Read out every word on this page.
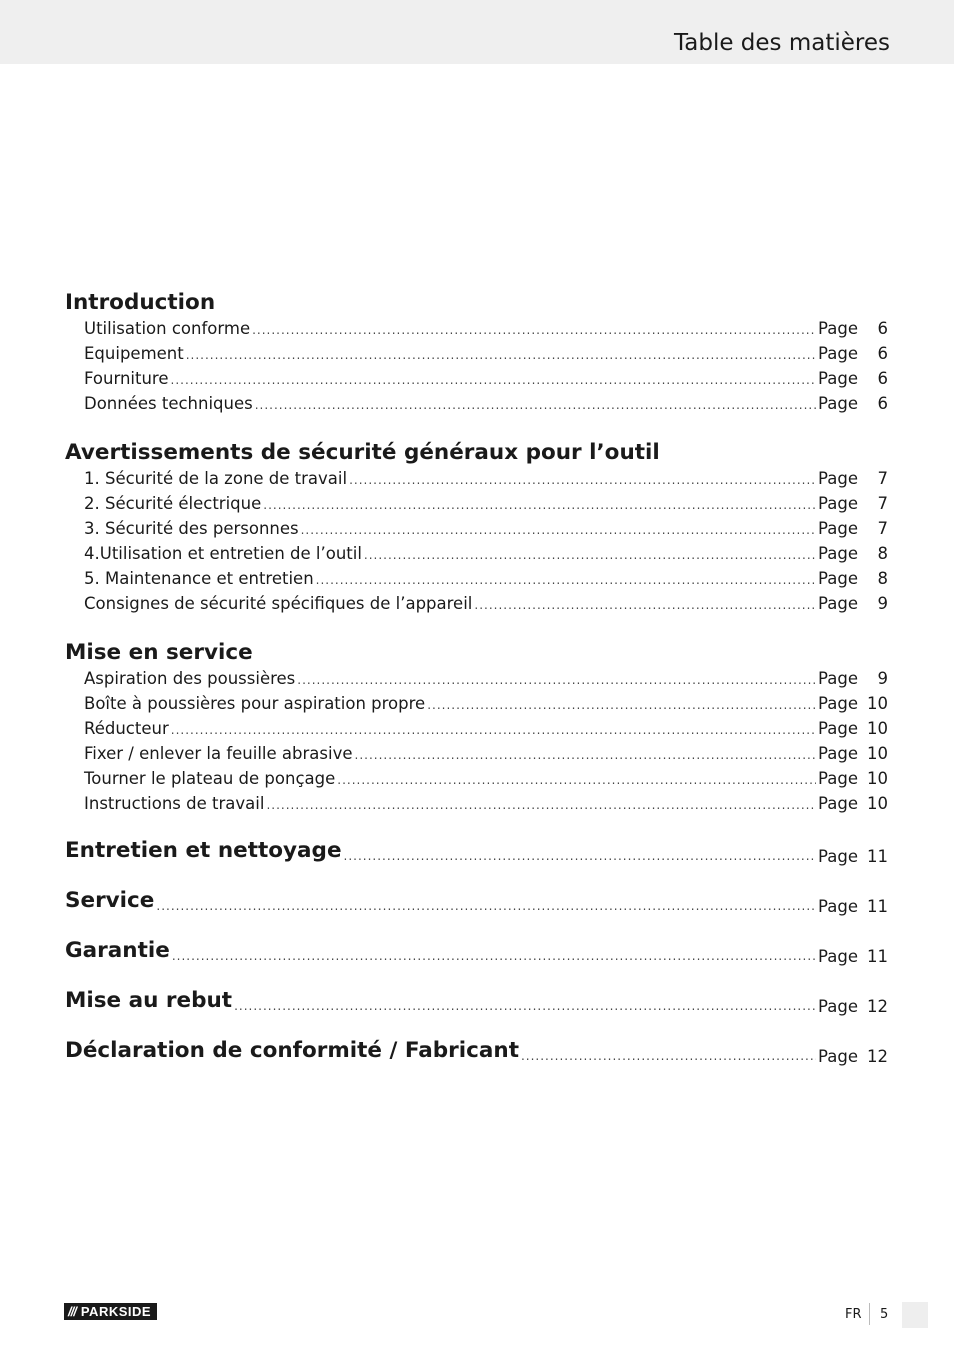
Table des matières
Introduction
Utilisation conforme .....	Page	6
Equipement .....	Page	6
Fourniture .....	Page	6
Données techniques .....	Page	6
Avertissements de sécurité généraux pour l’outil
1. Sécurité de la zone de travail .....	Page	7
2. Sécurité électrique .....	Page	7
3. Sécurité des personnes .....	Page	7
4.Utilisation et entretien de l’outil .....	Page	8
5. Maintenance et entretien .....	Page	8
Consignes de sécurité spécifiques de l’appareil .....	Page	9
Mise en service
Aspiration des poussières .....	Page	9
Boîte à poussières pour aspiration propre .....	Page 10
Réducteur .....	Page 10
Fixer / enlever la feuille abrasive .....	Page 10
Tourner le plateau de ponçage .....	Page 10
Instructions de travail .....	Page 10
Entretien et nettoyage .....	Page 11
Service .....	Page 11
Garantie .....	Page 11
Mise au rebut .....	Page 12
Déclaration de conformité / Fabricant .....	Page 12
/// PARKSIDE	FR 5
